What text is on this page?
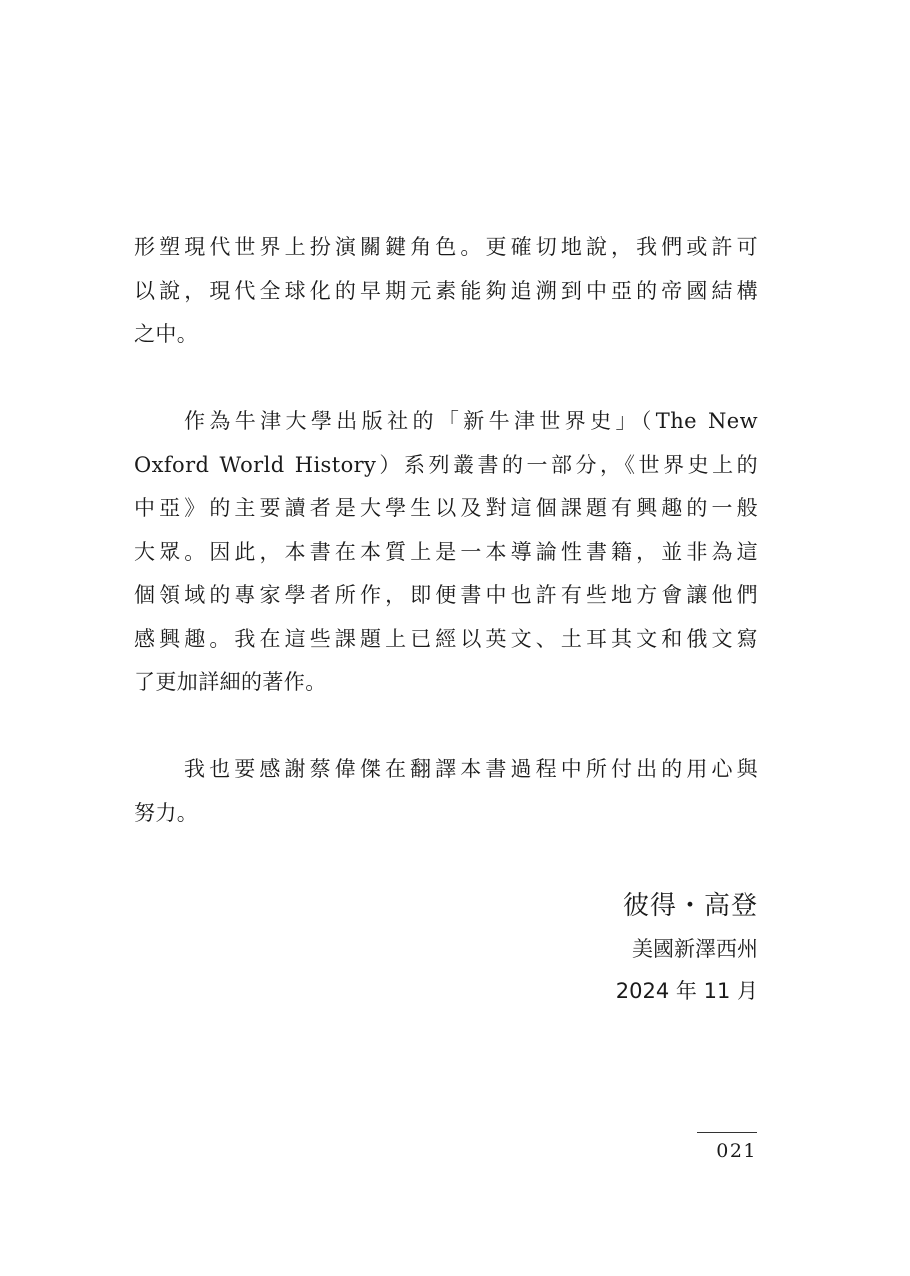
形塑現代世界上扮演關鍵角色。更確切地說，我們或許可
以說，現代全球化的早期元素能夠追溯到中亞的帝國結構
之中。

作為牛津大學出版社的「新牛津世界史」（The New
Oxford World History）系列叢書的一部分，《世界史上的
中亞》的主要讀者是大學生以及對這個課題有興趣的一般
大眾。因此，本書在本質上是一本導論性書籍，並非為這
個領域的專家學者所作，即便書中也許有些地方會讓他們
感興趣。我在這些課題上已經以英文、土耳其文和俄文寫
了更加詳細的著作。

我也要感謝蔡偉傑在翻譯本書過程中所付出的用心與
努力。

彼得・高登
美國新澤西州
2024 年 11 月
021
